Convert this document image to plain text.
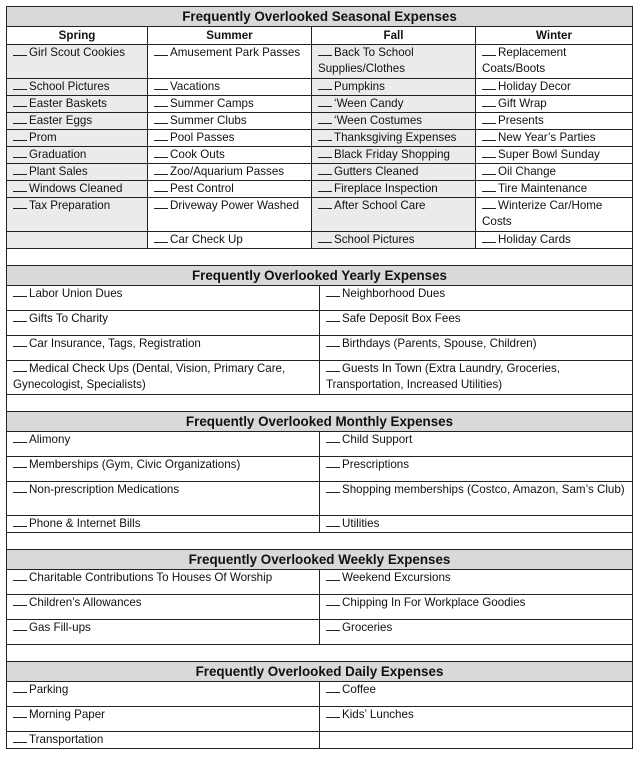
Frequently Overlooked Seasonal Expenses			
Spring	Summer	Fall	Winter
Girl Scout Cookies	Amusement Park Passes	Back To School Supplies/Clothes	Replacement Coats/Boots
School Pictures	Vacations	Pumpkins	Holiday Decor
Easter Baskets	Summer Camps	‘Ween Candy	Gift Wrap
Easter Eggs	Summer Clubs	‘Ween Costumes	Presents
Prom	Pool Passes	Thanksgiving Expenses	New Year’s Parties
Graduation	Cook Outs	Black Friday Shopping	Super Bowl Sunday
Plant Sales	Zoo/Aquarium Passes	Gutters Cleaned	Oil Change
Windows Cleaned	Pest Control	Fireplace Inspection	Tire Maintenance
Tax Preparation	Driveway Power Washed	After School Care	Winterize Car/Home Costs
	Car Check Up	School Pictures	Holiday Cards

Frequently Overlooked Yearly Expenses	
Labor Union Dues	Neighborhood Dues
Gifts To Charity	Safe Deposit Box Fees
Car Insurance, Tags, Registration	Birthdays (Parents, Spouse, Children)
Medical Check Ups (Dental, Vision, Primary Care, Gynecologist, Specialists)	Guests In Town (Extra Laundry, Groceries, Transportation, Increased Utilities)

Frequently Overlooked Monthly Expenses	
Alimony	Child Support
Memberships (Gym, Civic Organizations)	Prescriptions
Non-prescription Medications	Shopping memberships (Costco, Amazon, Sam’s Club)
Phone & Internet Bills	Utilities

Frequently Overlooked Weekly Expenses	
Charitable Contributions To Houses Of Worship	Weekend Excursions
Children’s Allowances	Chipping In For Workplace Goodies
Gas Fill-ups	Groceries

Frequently Overlooked Daily Expenses	
Parking	Coffee
Morning Paper	Kids’ Lunches
Transportation	
